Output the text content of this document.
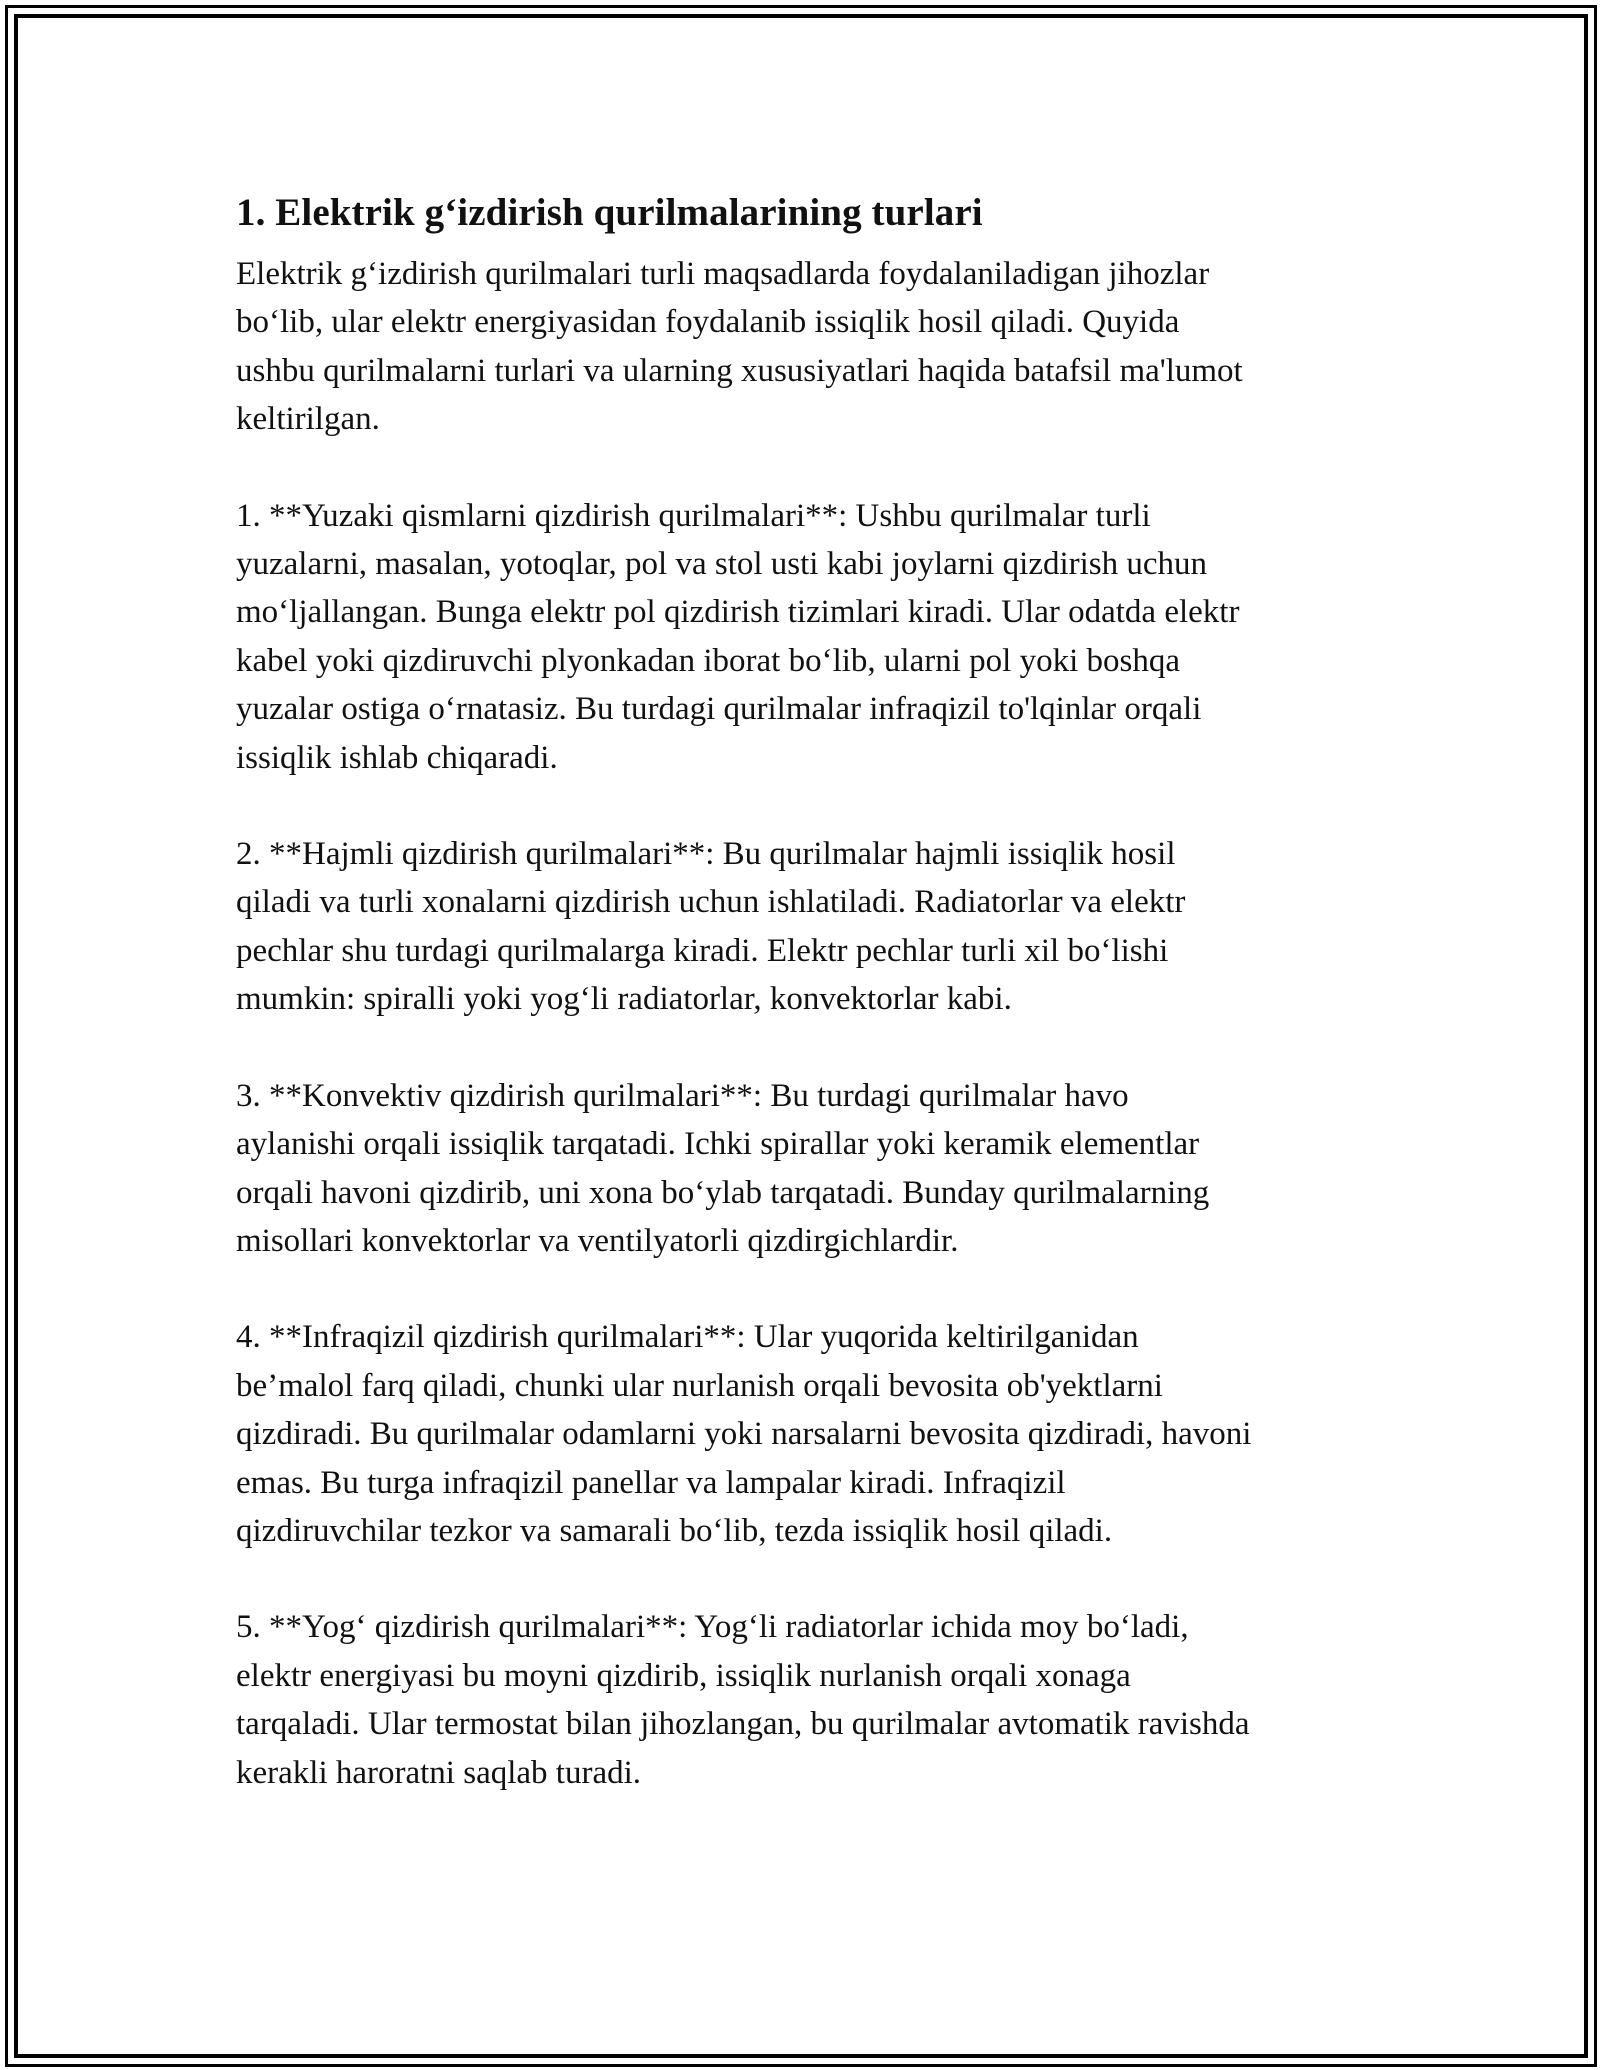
1. Elektrik g‘izdirish qurilmalarining turlari

Elektrik g‘izdirish qurilmalari turli maqsadlarda foydalaniladigan jihozlar
bo‘lib, ular elektr energiyasidan foydalanib issiqlik hosil qiladi. Quyida
ushbu qurilmalarni turlari va ularning xususiyatlari haqida batafsil ma'lumot
keltirilgan.

1. **Yuzaki qismlarni qizdirish qurilmalari**: Ushbu qurilmalar turli
yuzalarni, masalan, yotoqlar, pol va stol usti kabi joylarni qizdirish uchun
mo‘ljallangan. Bunga elektr pol qizdirish tizimlari kiradi. Ular odatda elektr
kabel yoki qizdiruvchi plyonkadan iborat bo‘lib, ularni pol yoki boshqa
yuzalar ostiga o‘rnatasiz. Bu turdagi qurilmalar infraqizil to'lqinlar orqali
issiqlik ishlab chiqaradi.

2. **Hajmli qizdirish qurilmalari**: Bu qurilmalar hajmli issiqlik hosil
qiladi va turli xonalarni qizdirish uchun ishlatiladi. Radiatorlar va elektr
pechlar shu turdagi qurilmalarga kiradi. Elektr pechlar turli xil bo‘lishi
mumkin: spiralli yoki yog‘li radiatorlar, konvektorlar kabi.

3. **Konvektiv qizdirish qurilmalari**: Bu turdagi qurilmalar havo
aylanishi orqali issiqlik tarqatadi. Ichki spirallar yoki keramik elementlar
orqali havoni qizdirib, uni xona bo‘ylab tarqatadi. Bunday qurilmalarning
misollari konvektorlar va ventilyatorli qizdirgichlardir.

4. **Infraqizil qizdirish qurilmalari**: Ular yuqorida keltirilganidan
be’malol farq qiladi, chunki ular nurlanish orqali bevosita ob'yektlarni
qizdiradi. Bu qurilmalar odamlarni yoki narsalarni bevosita qizdiradi, havoni
emas. Bu turga infraqizil panellar va lampalar kiradi. Infraqizil
qizdiruvchilar tezkor va samarali bo‘lib, tezda issiqlik hosil qiladi.

5. **Yog‘ qizdirish qurilmalari**: Yog‘li radiatorlar ichida moy bo‘ladi,
elektr energiyasi bu moyni qizdirib, issiqlik nurlanish orqali xonaga
tarqaladi. Ular termostat bilan jihozlangan, bu qurilmalar avtomatik ravishda
kerakli haroratni saqlab turadi.
